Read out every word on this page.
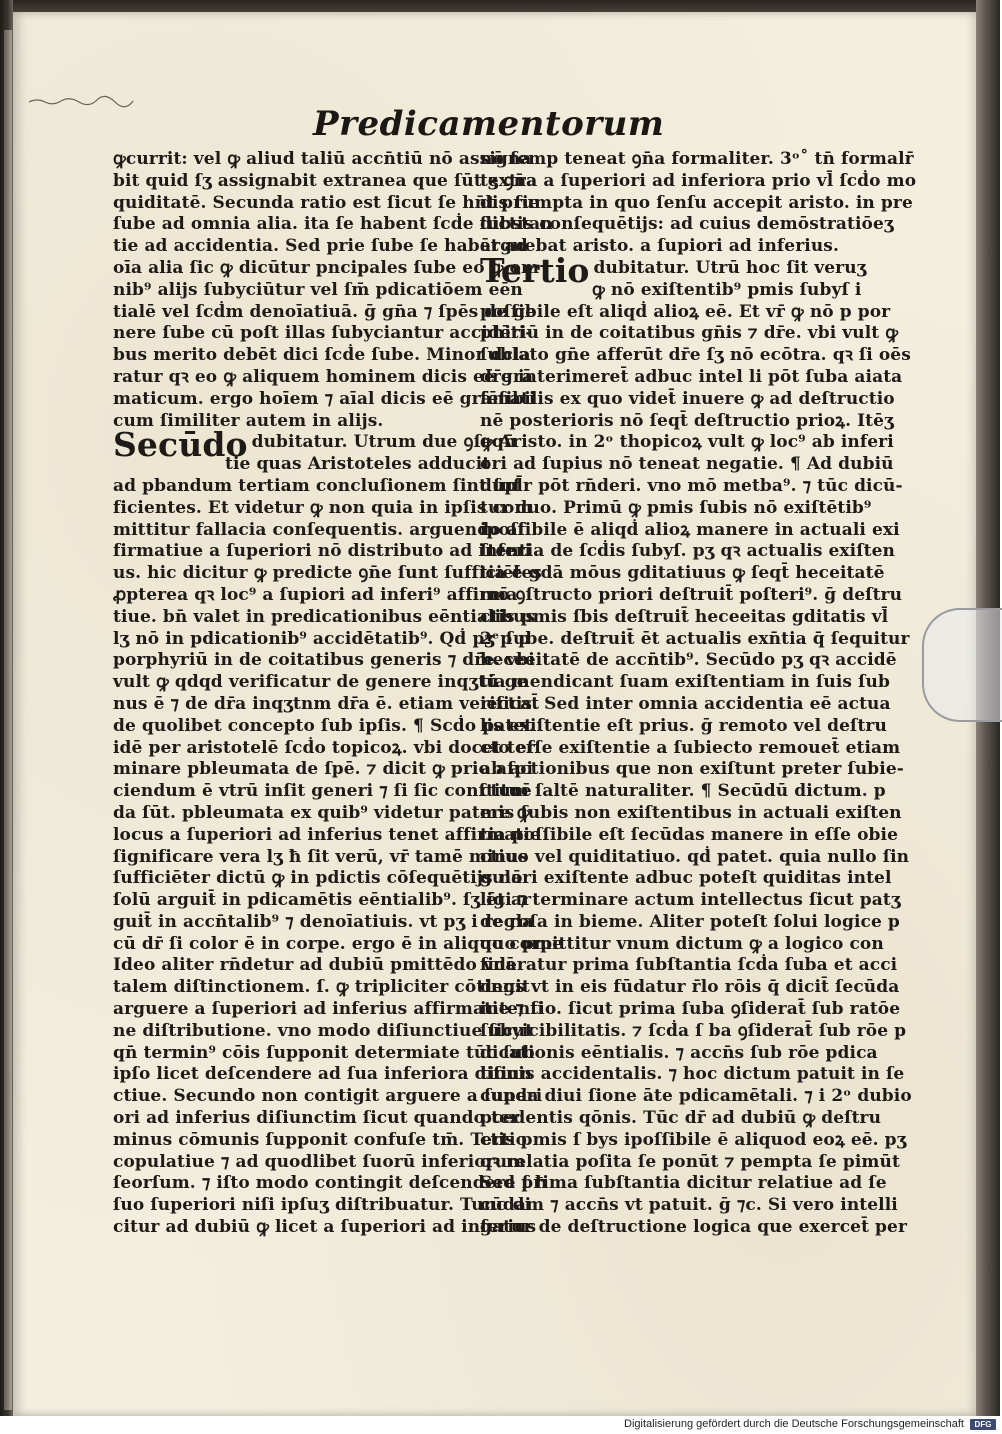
Predicamentorum
ꝙcurrit: vel ꝙ aliud taliū accn̄tiū nō assigna
bit quid ſʒ assignabit extranea que ſūt extra
quiditatē. Secunda ratio est ſicut ſe hn̄t prie
ſube ad omnia alia. ita ſe habent ſcḋe ſubstan
tie ad accidentia. Sed prie ſube ſe habēt ad
oīa alia ſic ꝙ dicūtur pncipales ſube eo ꝙ om
nib⁹ alijs ſubyciūtur vel ſm̄ pdicatiōem eēn
tialē vel ſcḋm denoīatiuā. ḡ gn̄a ⁊ ſpēs de ge
nere ſube cū poſt illas ſubyciantur accidēti-
bus merito debēt dici ſcḋe ſube. Minor dcla
ratur qꝛ eo ꝙ aliquem hominem dicis eē grā
maticum. ergo hoīem ⁊ aīal dicis eē grāmati
cum ſimiliter autem in alijs.
Secūdo dubitatur. Utrum due ꝯſeqn̄
tie quas Aristoteles adducit
ad pbandum tertiam concluſionem ſint ſuf
ficientes. Et videtur ꝙ non quia in ipſis com
mittitur fallacia conſequentis. arguendo af
firmatiue a ſuperiori nō distributo ad inferi
us. hic dicitur ꝙ predicte ꝯn̄e ſunt ſufficiētes
ꝓpterea qꝛ loc⁹ a ſupiori ad inferi⁹ affirma
tiue. bn̄ valet in predicationibus eēntialibus
lʒ nō in pdicationib⁹ accidētatib⁹. Qḋ pʒ p p
porphyriū in de coitatibus generis ⁊ dr̄e. vbi
vult ꝙ qdqd verificatur de genere inqʒtū ge
nus ē ⁊ de dr̄a inqʒtnm dr̄a ē. etiam verificat̄
de quolibet concepto ſub ipſis. ¶ Scḋo patet
idē per aristotelē ſcḋo topicoꝝ. vbi docet ter
minare pbleumata de ſpē. ⁊ dicit ꝙ prio aſpi
ciendum ē vtrū inſit generi ⁊ ſi ſic conſtituē
da ſūt. pbleumata ex quib⁹ videtur patere ꝙ
locus a ſuperiori ad inferius tenet affirmatie
ſignificare vera lʒ ħ ſit verū, vr̄ tamē minus
ſufficiēter dictū ꝙ in pdictis cōſequētijs nō
ſolū arguit̄ in pdicamētis eēntialib⁹. ſʒ ēt ar
guit̄ in accn̄talib⁹ ⁊ denoīatiuis. vt pʒ i regla
cū dr̄ ſi color ē in corpe. ergo ē in aliquo corpe
Ideo aliter rn̄detur ad dubiū pmittēdo vnā
talem diſtinctionem. ſ. ꝙ tripliciter cōtingit
arguere a ſuperiori ad inferius affirmatie ⁊ ſi
ne diſtributione. vno modo diſiunctiue ſicut
qn̄ termin⁹ cōis ſupponit determiate tūc ſub
ipſo licet deſcendere ad ſua inferiora diſiun
ctiue. Secundo non contigit arguere a ſuperi
ori ad inferius diſiunctim ſicut quando ter
minus cōmunis ſupponit confuſe tm̄. Tertio
copulatiue ⁊ ad quodlibet ſuorū inferiorum
ſeorſum. ⁊ iſto modo contingit deſcendere ſ ħ
ſuo ſuperiori niſi ipſuʒ diſtribuatur. Tunc di
citur ad dubiū ꝙ licet a ſuperiori ad inferius
nō ſemp teneat ꝯn̄a formaliter. 3ᵒ˚ tn̄ formalr̄
tʒ ꝯn̄a a ſuperiori ad inferiora prio vl̄ ſcḋo mo
dis ſumpta in quo ſenſu accepit aristo. in pre
dictis conſequētijs: ad cuius demōstratiōeʒ
arguebat aristo. a ſupiori ad inferius.
Tertio dubitatur. Utrū hoc ſit veruʒ
ꝙ nō exiſtentib⁹ pmis ſubyſ i
poſſibile eſt aliqḋ alioꝝ eē. Et vr̄ ꝙ nō p por
phiriū in de coitatibus gn̄is ⁊ dr̄e. vbi vult ꝙ
ſublato gn̄e afferūt dr̄e ſʒ nō ecōtra. qꝛ ſi oēs
dr̄e interimeret̄ adbuc intel li pōt ſuba aiata
ſēſibilis ex quo videt̄ inuere ꝙ ad deſtructio
nē posterioris nō ſeqt̄ deſtructio prioꝝ. Itēʒ
ꝙ Aristo. in 2ᵒ thopicoꝝ vult ꝙ loc⁹ ab inferi
ori ad ſupius nō teneat negatie. ¶ Ad dubiū
dupl̄r pōt rn̄deri. vno mō metba⁹. ⁊ tūc dicū-
tur duo. Primū ꝙ pmis ſubis nō exiſtētib⁹
ipoſſibile ē aliqḋ alioꝝ manere in actuali exi
ſtentia de ſcḋis ſubyſ. pʒ qꝛ actualis exiſten
tia ē gdā mōus gditatiuus ꝙ ſeqt̄ heceitatē
mō ꝯſtructo priori deſtruit̄ poſteri⁹. ḡ deſtru
ctis pmis ſbis deſtruit̄ heceeitas gditatis vl̄
2ᵉ ſube. deſtruit̄ ēt actualis exn̄tia q̄ ſequitur
heceeitatē de accn̄tib⁹. Secūdo pʒ qꝛ accidē
tia mendicant ſuam exiſtentiam in ſuis ſub
iectis. Sed inter omnia accidentia eē actua
lis exiſtentie eſt prius. ḡ remoto vel deſtru
cto eſſe exiſtentie a ſubiecto remouet̄ etiam
ab actionibus que non exiſtunt preter ſubie-
ctum ſaltē naturaliter. ¶ Secūdū dictum. p
mis ſubis non exiſtentibus in actuali exiſten
tia poſſibile eſt ſecūdas manere in eſſe obie
ctiuo vel quiditatiuo. qḋ patet. quia nullo ſin
gulari exiſtente adbuc poteſt quiditas intel
ligi ⁊ terminare actum intellectus ſicut patʒ
de roſa in bieme. Aliter poteſt ſolui logice p
quo pmittitur vnum dictum ꝙ a logico con
ſideratur prima ſubſtantia ſcḋa ſuba et acci
dens vt in eis fūdatur r̄lo rōis q̄ dicit̄ ſecūda
intentio. ſicut prima ſuba ꝯſiderat̄ ſub ratōe
ſubyicibilitatis. ⁊ ſcḋa ſ ba ꝯſiderat̄ ſub rōe p
dicationis eēntialis. ⁊ accn̄s ſub rōe pdica
tionis accidentalis. ⁊ hoc dictum patuit in ſe
cunda diui ſione āte pdicamētali. ⁊ i 2ᵒ dubio
pcedentis qōnis. Tūc dr̄ ad dubiū ꝙ deſtru
ctis pmis ſ bys ipoſſibile ē aliquod eoꝝ eē. pʒ
qꝛ relatia poſita ſe ponūt ⁊ pempta ſe pimūt
Sed prima ſubſtantia dicitur relatiue ad ſe
cūdam ⁊ accn̄s vt patuit. ḡ ⁊c. Si vero intelli
gatur de deſtructione logica que exercet̄ per
Digitalisierung gefördert durch die Deutsche Forschungsgemeinschaft	DFG
